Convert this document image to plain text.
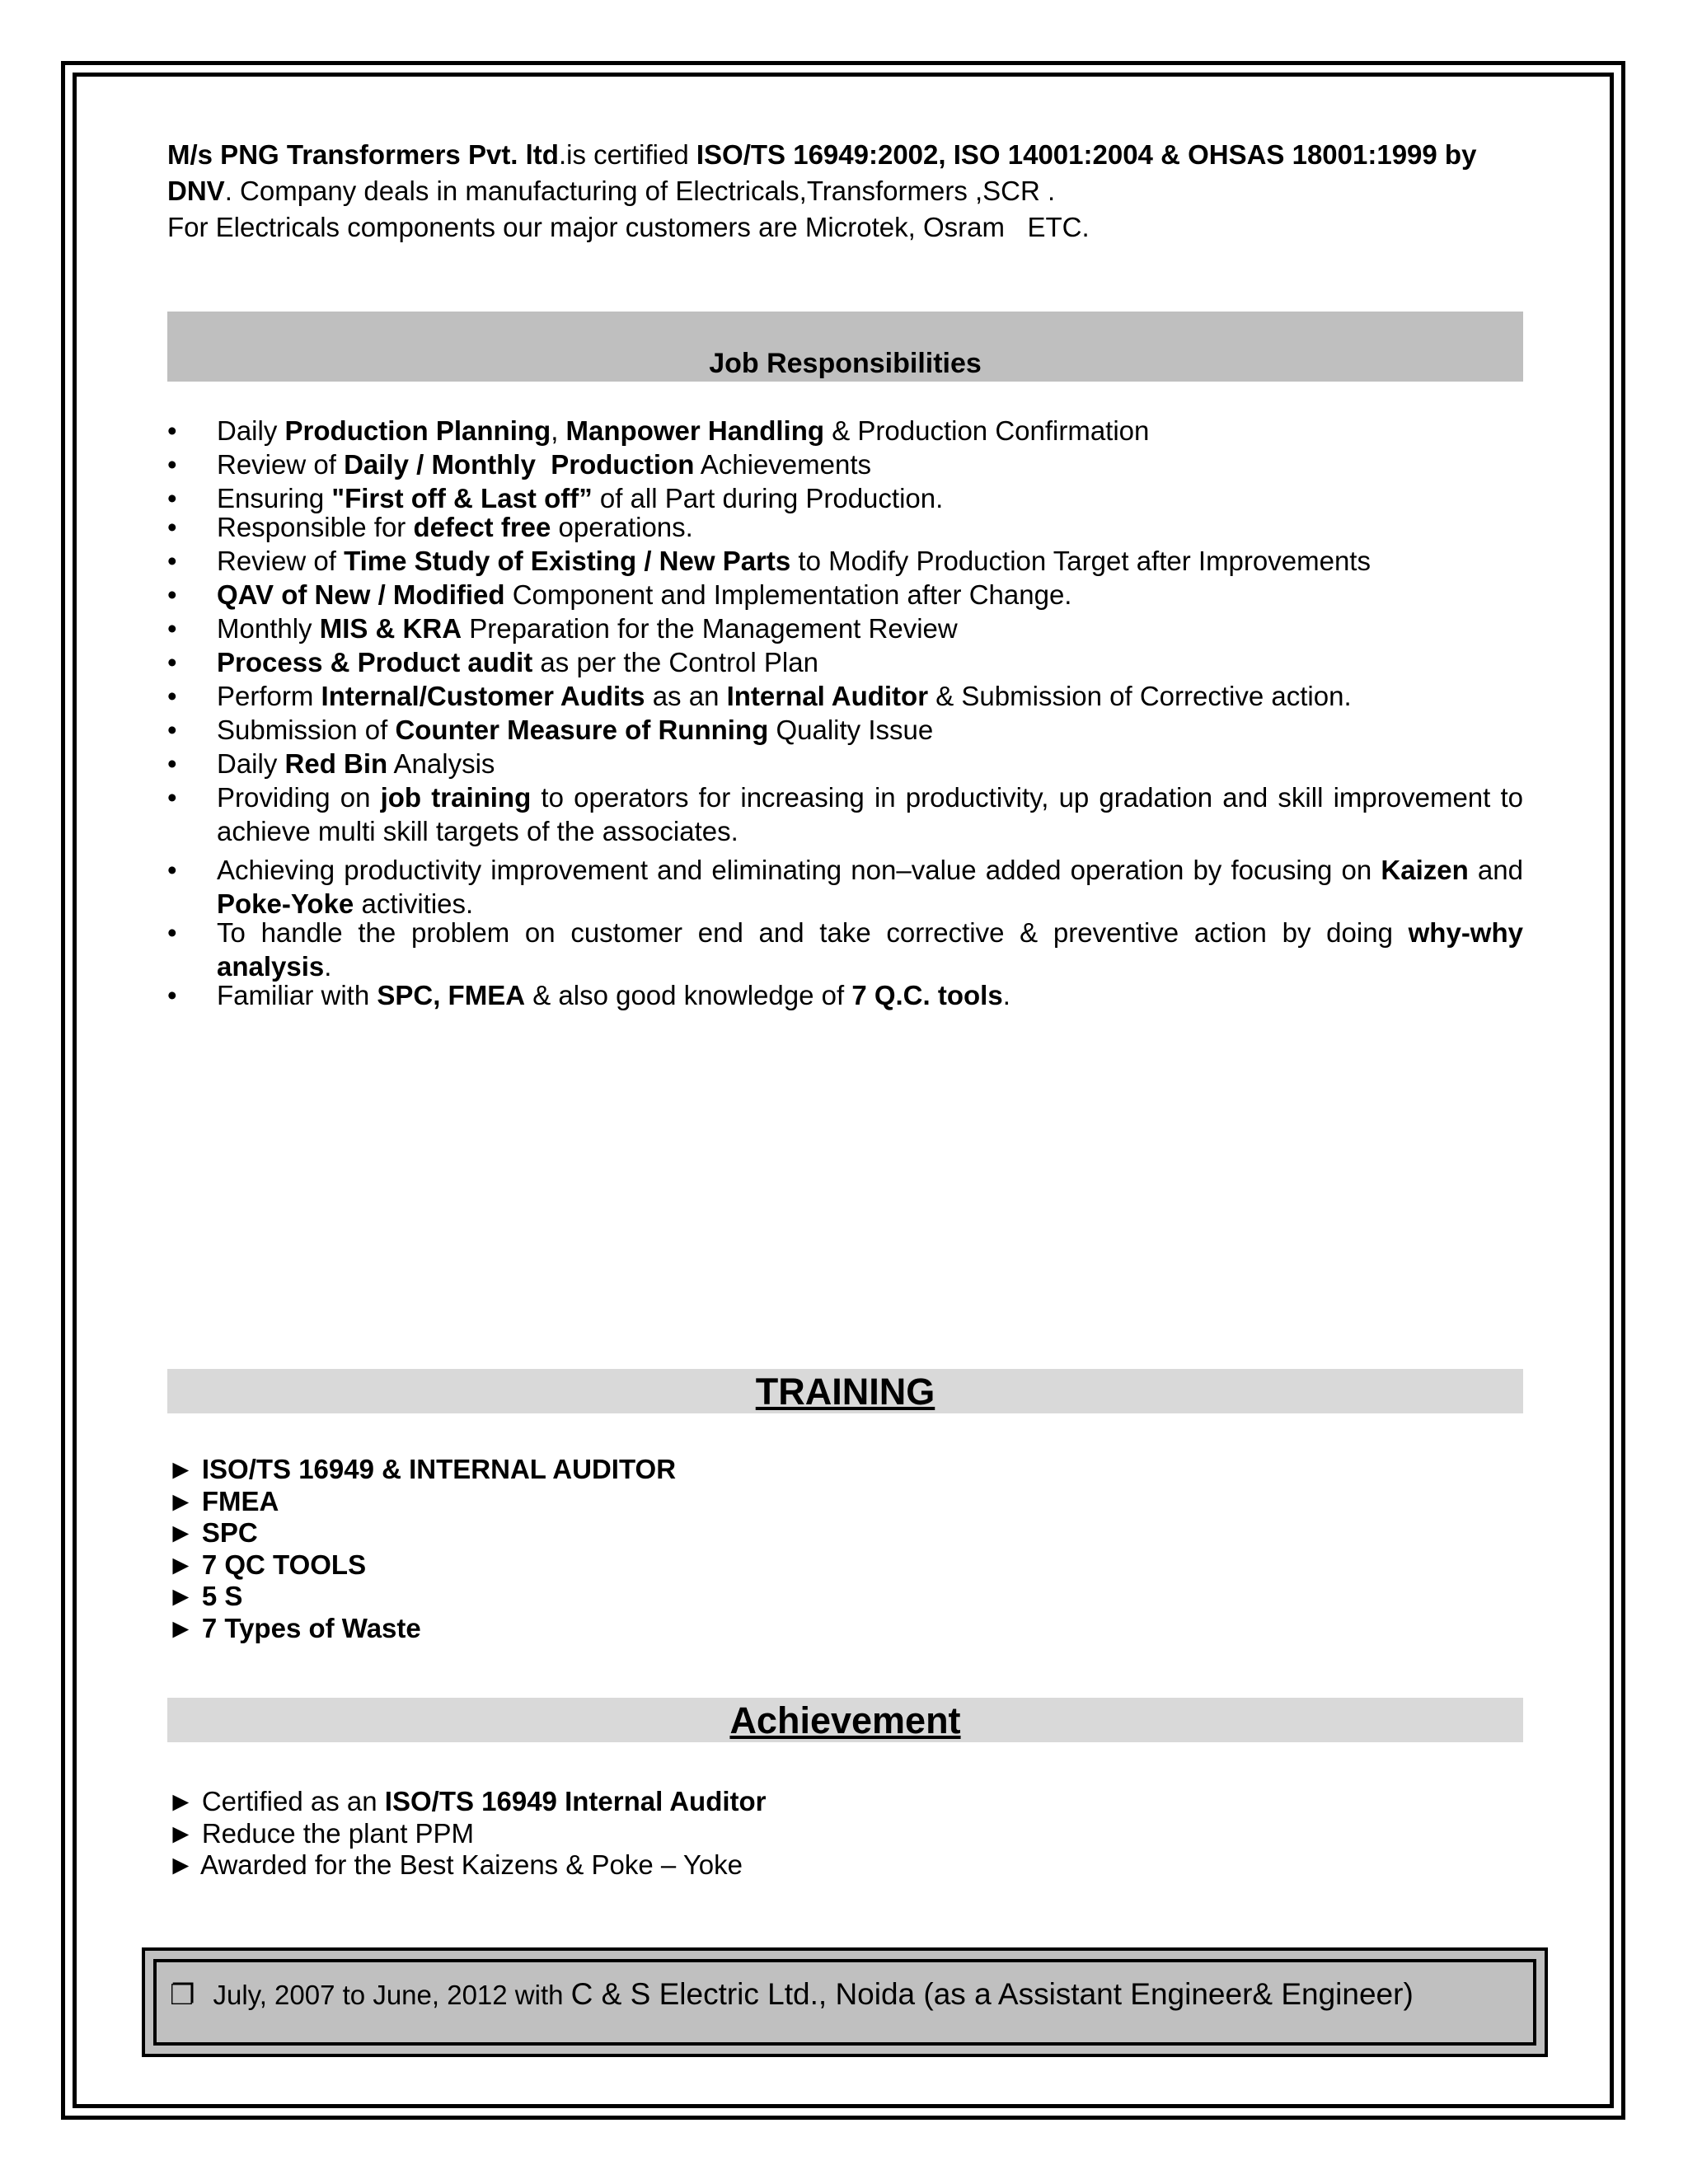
M/s PNG Transformers Pvt. ltd.is certified ISO/TS 16949:2002, ISO 14001:2004 & OHSAS 18001:1999 by

DNV. Company deals in manufacturing of Electricals,Transformers ,SCR .

For Electricals components our major customers are Microtek, Osram   ETC.

Job Responsibilities
• Daily Production Planning, Manpower Handling & Production Confirmation
• Review of Daily / Monthly  Production Achievements
• Ensuring "First off & Last off” of all Part during Production.
• Responsible for defect free operations.
• Review of Time Study of Existing / New Parts to Modify Production Target after Improvements
• QAV of New / Modified Component and Implementation after Change.
• Monthly MIS & KRA Preparation for the Management Review
• Process & Product audit as per the Control Plan
• Perform Internal/Customer Audits as an Internal Auditor & Submission of Corrective action.
• Submission of Counter Measure of Running Quality Issue
• Daily Red Bin Analysis
• Providing on job training to operators for increasing in productivity, up gradation and skill improvement to achieve multi skill targets of the associates.
• Achieving productivity improvement and eliminating non–value added operation by focusing on Kaizen and Poke-Yoke activities.
• To handle the problem on customer end and take corrective & preventive action by doing why-why analysis.
• Familiar with SPC, FMEA & also good knowledge of 7 Q.C. tools.
TRAINING
► ISO/TS 16949 & INTERNAL AUDITOR
► FMEA
► SPC
► 7 QC TOOLS
► 5 S
► 7 Types of Waste
Achievement
► Certified as an ISO/TS 16949 Internal Auditor
► Reduce the plant PPM
► Awarded for the Best Kaizens & Poke – Yoke
❐ July, 2007 to June, 2012 with C & S Electric Ltd., Noida (as a Assistant Engineer& Engineer)
